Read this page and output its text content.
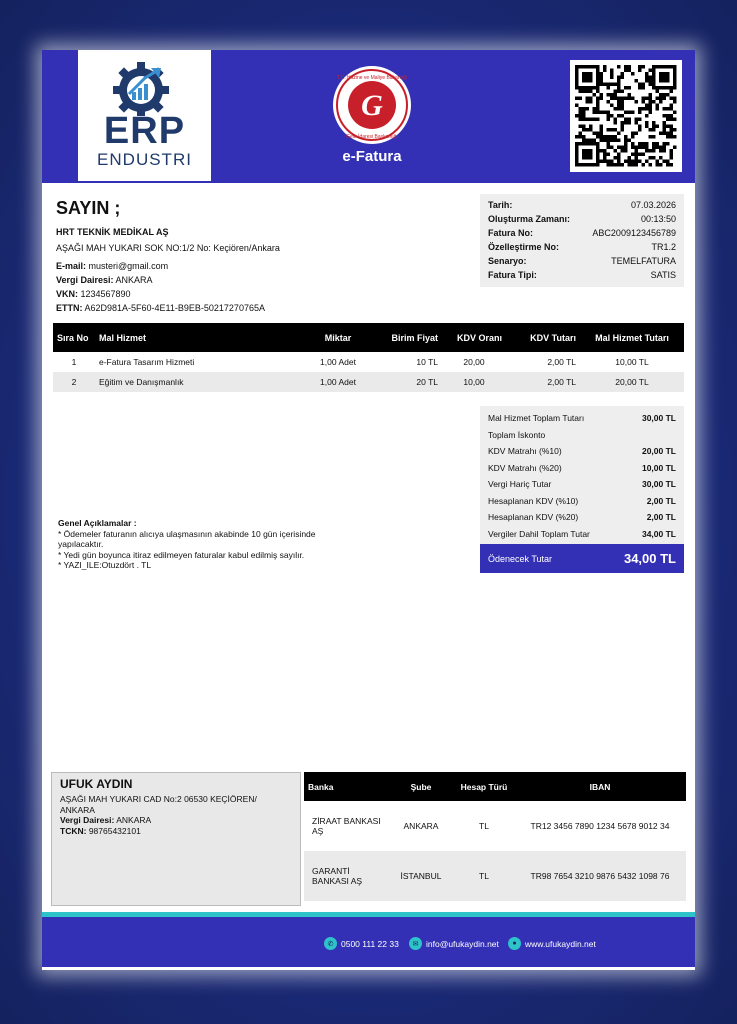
ERP
ENDUSTRI
G
T.C. Hazine ve Maliye Bakanlığı
Gelir İdaresi Başkanlığı
e-Fatura
SAYIN ;
HRT TEKNİK MEDİKAL AŞ
AŞAĞI MAH YUKARI SOK NO:1/2 No: Keçiören/Ankara
E-mail: musteri@gmail.com
Vergi Dairesi: ANKARA
VKN: 1234567890
ETTN: A62D981A-5F60-4E11-B9EB-50217270765A
Tarih:	07.03.2026
Oluşturma Zamanı:	00:13:50
Fatura No:	ABC2009123456789
Özelleştirme No:	TR1.2
Senaryo:	TEMELFATURA
Fatura Tipi:	SATIS
Sıra No	Mal Hizmet	Miktar	Birim Fiyat	KDV Oranı	KDV Tutarı	Mal Hizmet Tutarı
1	e-Fatura Tasarım Hizmeti	1,00 Adet	10 TL	20,00	2,00 TL	10,00 TL
2	Eğitim ve Danışmanlık	1,00 Adet	20 TL	10,00	2,00 TL	20,00 TL
Mal Hizmet Toplam Tutarı	30,00 TL
Toplam İskonto
KDV Matrahı (%10)	20,00 TL
KDV Matrahı (%20)	10,00 TL
Vergi Hariç Tutar	30,00 TL
Hesaplanan KDV (%10)	2,00 TL
Hesaplanan KDV (%20)	2,00 TL
Vergiler Dahil Toplam Tutar	34,00 TL
Ödenecek Tutar	34,00 TL
Genel Açıklamalar :
* Ödemeler faturanın alıcıya ulaşmasının akabinde 10 gün içerisinde yapılacaktır.
* Yedi gün boyunca itiraz edilmeyen faturalar kabul edilmiş sayılır.
* YAZI_ILE:Otuzdört . TL
UFUK AYDIN
AŞAĞI MAH YUKARI CAD No:2 06530 KEÇİÖREN/ ANKARA
Vergi Dairesi: ANKARA
TCKN: 98765432101
Banka	Şube	Hesap Türü	IBAN
ZİRAAT BANKASI AŞ	ANKARA	TL	TR12 3456 7890 1234 5678 9012 34
GARANTİ BANKASI AŞ	İSTANBUL	TL	TR98 7654 3210 9876 5432 1098 76
✆ 0500 111 22 33	✉ info@ufukaydin.net	● www.ufukaydin.net
